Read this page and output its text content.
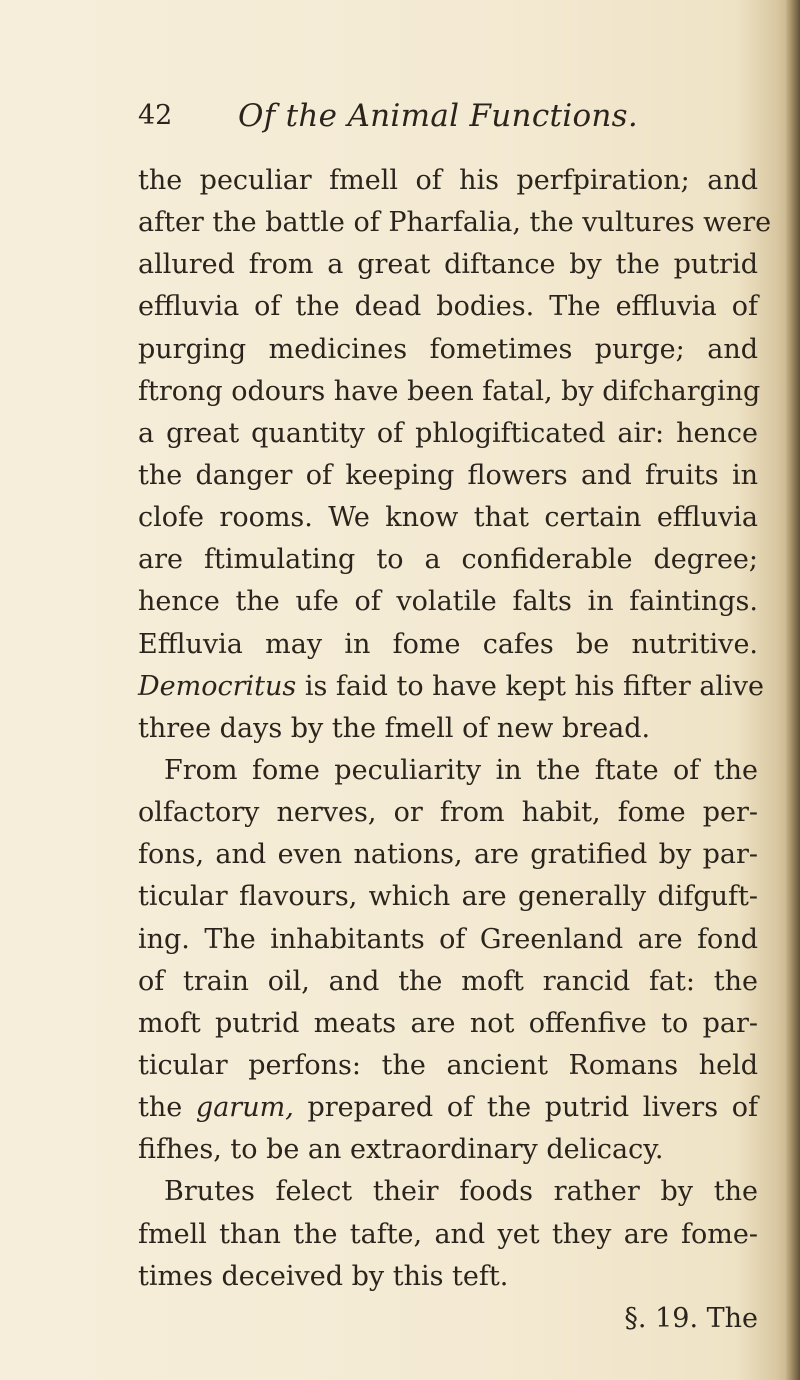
42 Of the Animal Functions.
the peculiar fmell of his perfpiration; and
after the battle of Pharfalia, the vultures were
allured from a great diftance by the putrid
effluvia of the dead bodies. The effluvia of
purging medicines fometimes purge; and
ftrong odours have been fatal, by difcharging
a great quantity of phlogifticated air: hence
the danger of keeping flowers and fruits in
clofe rooms. We know that certain effluvia
are ftimulating to a confiderable degree;
hence the ufe of volatile falts in faintings.
Effluvia may in fome cafes be nutritive.
Democritus is faid to have kept his fifter alive
three days by the fmell of new bread.
From fome peculiarity in the ftate of the
olfactory nerves, or from habit, fome per-
fons, and even nations, are gratified by par-
ticular flavours, which are generally difguft-
ing. The inhabitants of Greenland are fond
of train oil, and the moft rancid fat: the
moft putrid meats are not offenfive to par-
ticular perfons: the ancient Romans held
the garum, prepared of the putrid livers of
fifhes, to be an extraordinary delicacy.
Brutes felect their foods rather by the
fmell than the tafte, and yet they are fome-
times deceived by this teft.
§. 19. The
